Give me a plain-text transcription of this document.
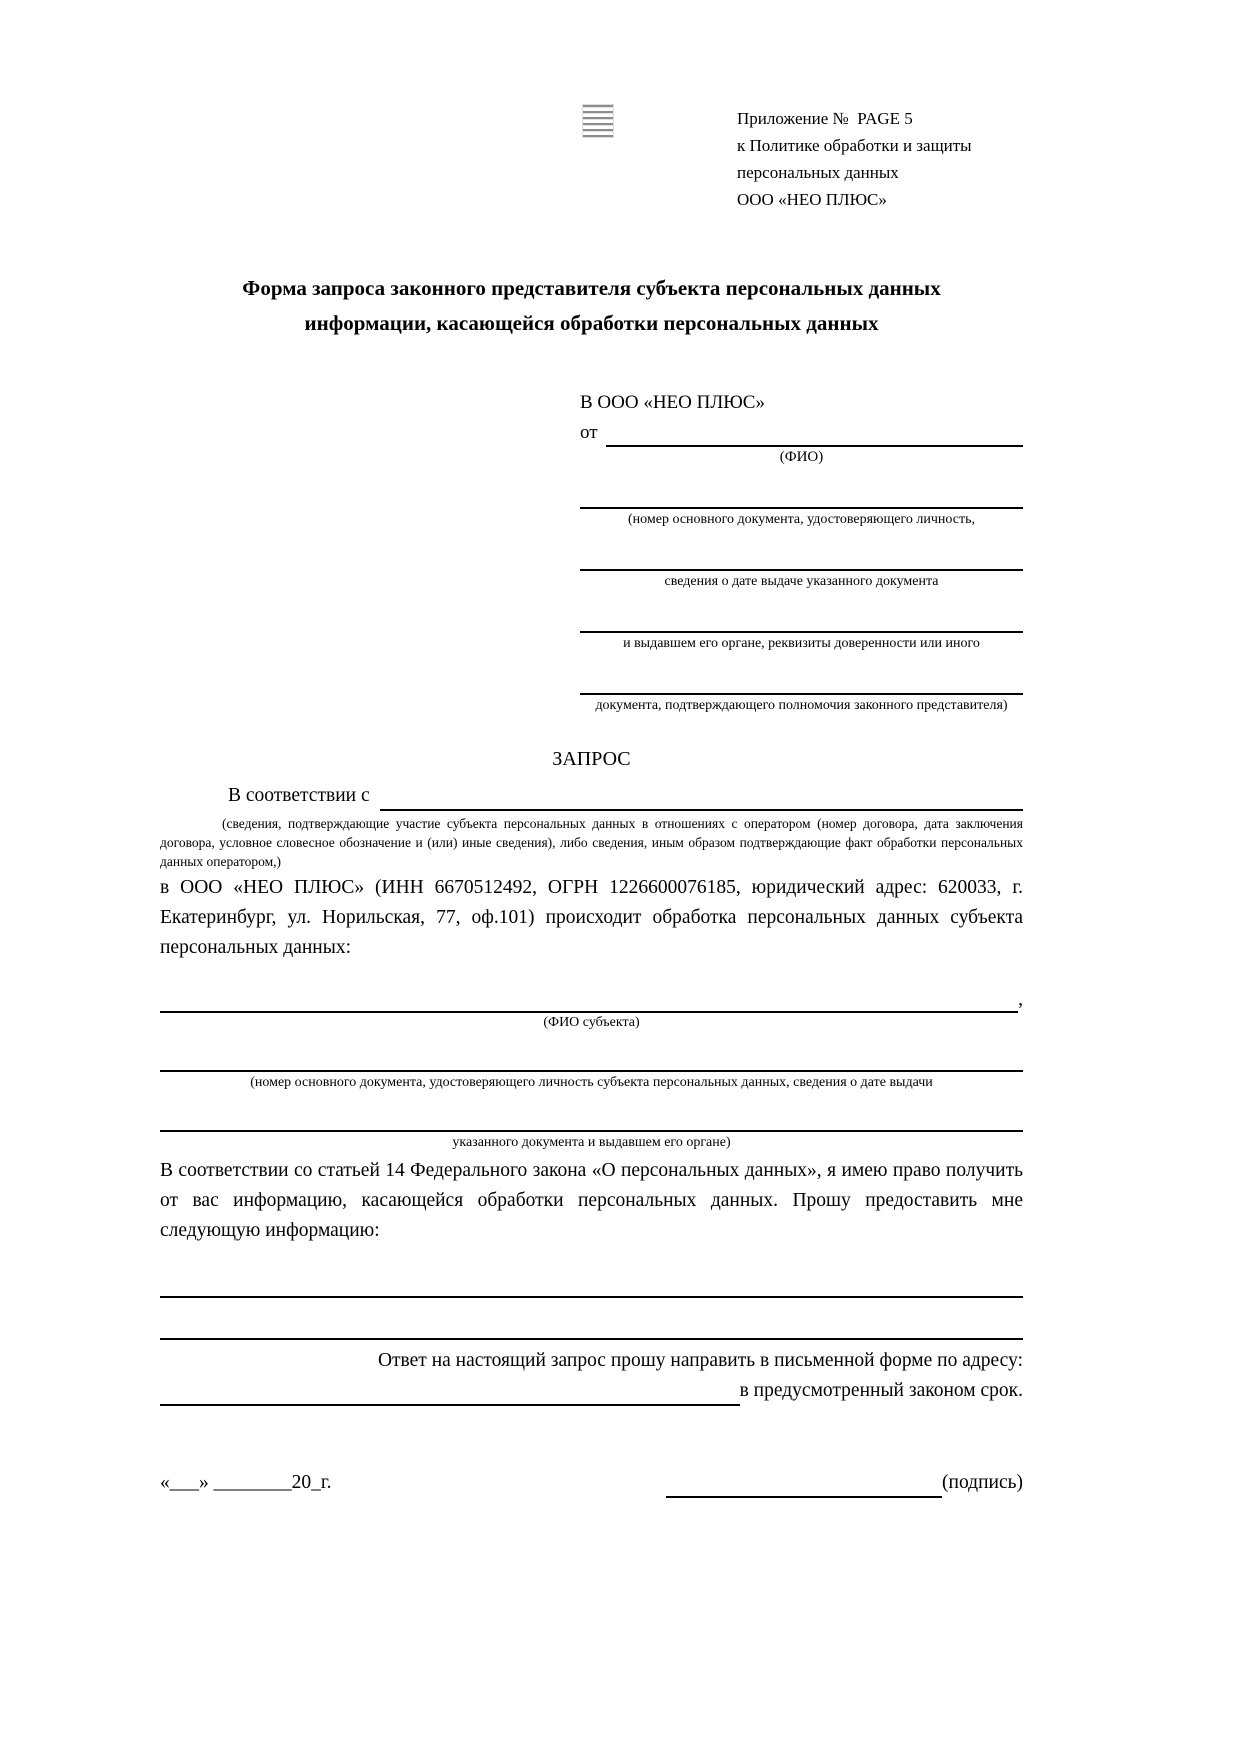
Приложение №  PAGE 5
к Политике обработки и защиты
персональных данных
ООО «НЕО ПЛЮС»
Форма запроса законного представителя субъекта персональных данных
информации, касающейся обработки персональных данных
В ООО «НЕО ПЛЮС»
от
(ФИО)
(номер основного документа, удостоверяющего личность,
сведения о дате выдаче указанного документа
и выдавшем его органе, реквизиты доверенности или иного
документа, подтверждающего полномочия законного представителя)
ЗАПРОС
В соответствии с
(сведения, подтверждающие участие субъекта персональных данных в отношениях с оператором (номер договора, дата заключения договора, условное словесное обозначение и (или) иные сведения), либо сведения, иным образом подтверждающие факт обработки персональных данных оператором,)
в ООО «НЕО ПЛЮС» (ИНН 6670512492, ОГРН 1226600076185, юридический адрес: 620033, г. Екатеринбург, ул. Норильская, 77, оф.101) происходит обработка персональных данных субъекта персональных данных:
,
(ФИО субъекта)
(номер основного документа, удостоверяющего личность субъекта персональных данных, сведения о дате выдачи
указанного документа и выдавшем его органе)
В соответствии со статьей 14 Федерального закона «О персональных данных», я имею право получить от вас информацию, касающейся обработки персональных данных. Прошу предоставить мне следующую информацию:
Ответ на настоящий запрос прошу направить в письменной форме по адресу:
в предусмотренный законом срок.
«___» ________20_г.	(подпись)
